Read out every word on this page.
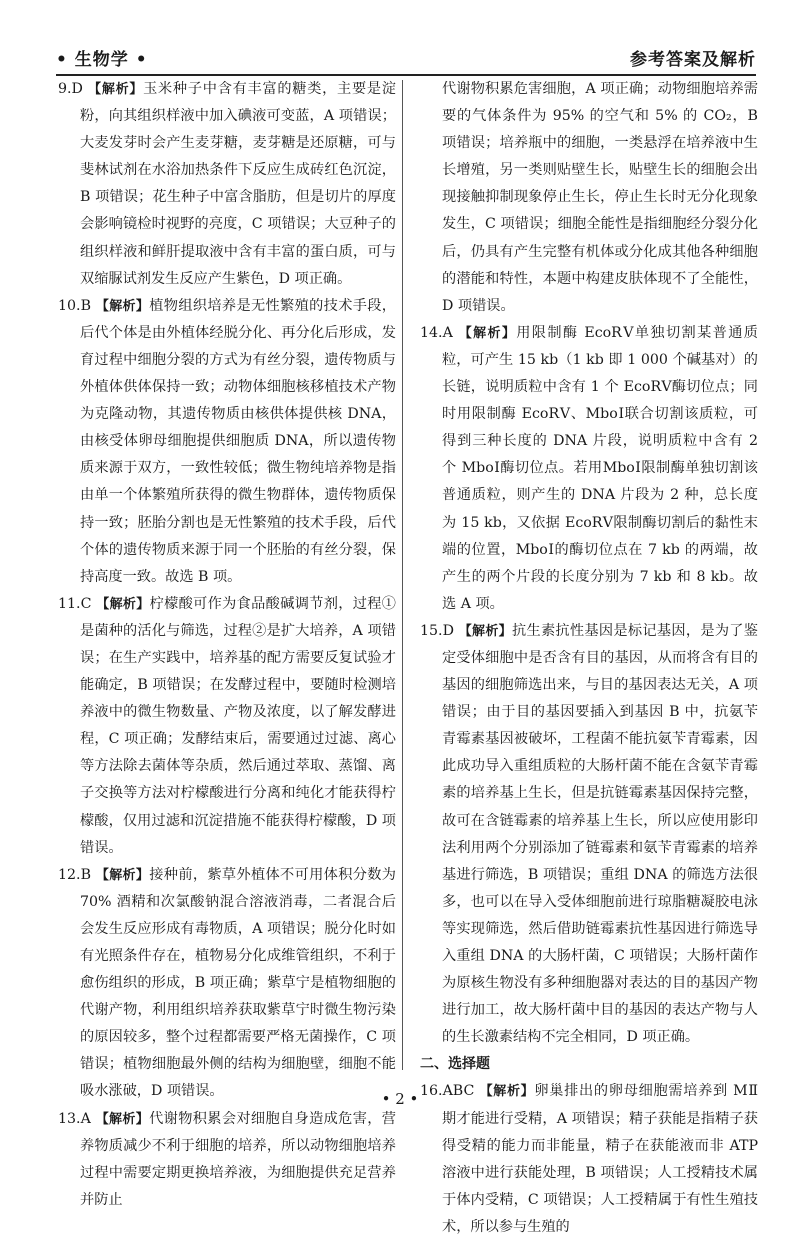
• 生物学 •	参考答案及解析

9.D 【解析】玉米种子中含有丰富的糖类，主要是淀粉，向其组织样液中加入碘液可变蓝，A 项错误；大麦发芽时会产生麦芽糖，麦芽糖是还原糖，可与斐林试剂在水浴加热条件下反应生成砖红色沉淀，B 项错误；花生种子中富含脂肪，但是切片的厚度会影响镜检时视野的亮度，C 项错误；大豆种子的组织样液和鲜肝提取液中含有丰富的蛋白质，可与双缩脲试剂发生反应产生紫色，D 项正确。

10.B 【解析】植物组织培养是无性繁殖的技术手段，后代个体是由外植体经脱分化、再分化后形成，发育过程中细胞分裂的方式为有丝分裂，遗传物质与外植体供体保持一致；动物体细胞核移植技术产物为克隆动物，其遗传物质由核供体提供核 DNA，由核受体卵母细胞提供细胞质 DNA，所以遗传物质来源于双方，一致性较低；微生物纯培养物是指由单一个体繁殖所获得的微生物群体，遗传物质保持一致；胚胎分割也是无性繁殖的技术手段，后代个体的遗传物质来源于同一个胚胎的有丝分裂，保持高度一致。故选 B 项。

11.C 【解析】柠檬酸可作为食品酸碱调节剂，过程①是菌种的活化与筛选，过程②是扩大培养，A 项错误；在生产实践中，培养基的配方需要反复试验才能确定，B 项错误；在发酵过程中，要随时检测培养液中的微生物数量、产物及浓度，以了解发酵进程，C 项正确；发酵结束后，需要通过过滤、离心等方法除去菌体等杂质，然后通过萃取、蒸馏、离子交换等方法对柠檬酸进行分离和纯化才能获得柠檬酸，仅用过滤和沉淀措施不能获得柠檬酸，D 项错误。

12.B 【解析】接种前，紫草外植体不可用体积分数为 70% 酒精和次氯酸钠混合溶液消毒，二者混合后会发生反应形成有毒物质，A 项错误；脱分化时如有光照条件存在，植物易分化成维管组织，不利于愈伤组织的形成，B 项正确；紫草宁是植物细胞的代谢产物，利用组织培养获取紫草宁时微生物污染的原因较多，整个过程都需要严格无菌操作，C 项错误；植物细胞最外侧的结构为细胞壁，细胞不能吸水涨破，D 项错误。

13.A 【解析】代谢物积累会对细胞自身造成危害，营养物质减少不利于细胞的培养，所以动物细胞培养过程中需要定期更换培养液，为细胞提供充足营养并防止

代谢物积累危害细胞，A 项正确；动物细胞培养需要的气体条件为 95% 的空气和 5% 的 CO₂，B 项错误；培养瓶中的细胞，一类悬浮在培养液中生长增殖，另一类则贴壁生长，贴壁生长的细胞会出现接触抑制现象停止生长，停止生长时无分化现象发生，C 项错误；细胞全能性是指细胞经分裂分化后，仍具有产生完整有机体或分化成其他各种细胞的潜能和特性，本题中构建皮肤体现不了全能性，D 项错误。

14.A 【解析】用限制酶 EcoRⅤ单独切割某普通质粒，可产生 15 kb（1 kb 即 1 000 个碱基对）的长链，说明质粒中含有 1 个 EcoRⅤ酶切位点；同时用限制酶 EcoRⅤ、MboⅠ联合切割该质粒，可得到三种长度的 DNA 片段，说明质粒中含有 2 个 MboⅠ酶切位点。若用MboⅠ限制酶单独切割该普通质粒，则产生的 DNA 片段为 2 种，总长度为 15 kb，又依据 EcoRⅤ限制酶切割后的黏性末端的位置，MboⅠ的酶切位点在 7 kb 的两端，故产生的两个片段的长度分别为 7 kb 和 8 kb。故选 A 项。

15.D 【解析】抗生素抗性基因是标记基因，是为了鉴定受体细胞中是否含有目的基因，从而将含有目的基因的细胞筛选出来，与目的基因表达无关，A 项错误；由于目的基因要插入到基因 B 中，抗氨苄青霉素基因被破坏，工程菌不能抗氨苄青霉素，因此成功导入重组质粒的大肠杆菌不能在含氨苄青霉素的培养基上生长，但是抗链霉素基因保持完整，故可在含链霉素的培养基上生长，所以应使用影印法利用两个分别添加了链霉素和氨苄青霉素的培养基进行筛选，B 项错误；重组 DNA 的筛选方法很多，也可以在导入受体细胞前进行琼脂糖凝胶电泳等实现筛选，然后借助链霉素抗性基因进行筛选导入重组 DNA 的大肠杆菌，C 项错误；大肠杆菌作为原核生物没有多种细胞器对表达的目的基因产物进行加工，故大肠杆菌中目的基因的表达产物与人的生长激素结构不完全相同，D 项正确。

二、选择题

16.ABC 【解析】卵巢排出的卵母细胞需培养到 MⅡ期才能进行受精，A 项错误；精子获能是指精子获得受精的能力而非能量，精子在获能液而非 ATP 溶液中进行获能处理，B 项错误；人工授精技术属于体内受精，C 项错误；人工授精属于有性生殖技术，所以参与生殖的

• 2 •
